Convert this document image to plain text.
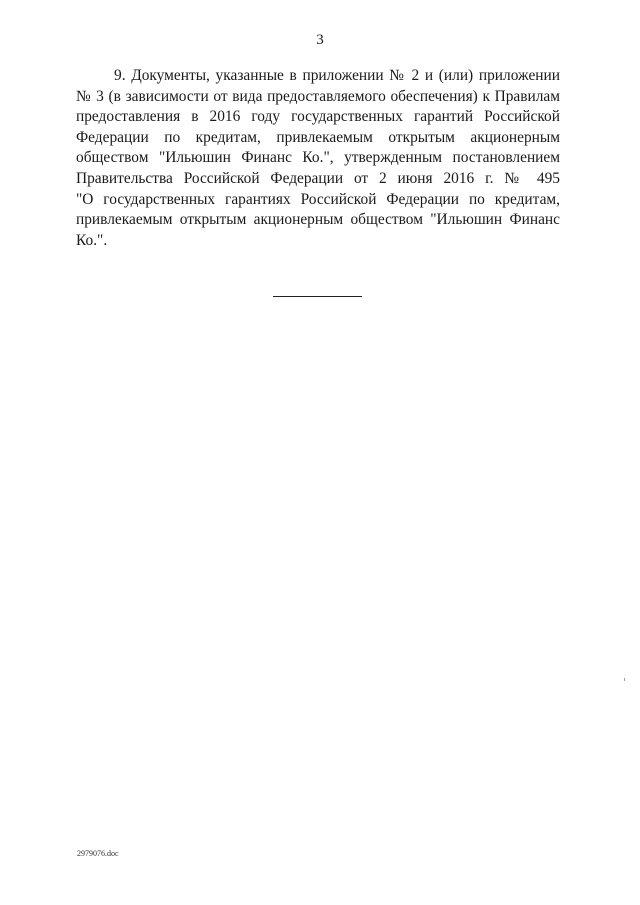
3
9. Документы, указанные в приложении № 2 и (или) приложении
№ 3 (в зависимости от вида предоставляемого обеспечения) к Правилам
предоставления в 2016 году государственных гарантий Российской
Федерации по кредитам, привлекаемым открытым акционерным
обществом "Ильюшин Финанс Ко.", утвержденным постановлением
Правительства Российской Федерации от 2 июня 2016 г. № 495
"О государственных гарантиях Российской Федерации по кредитам,
привлекаемым открытым акционерным обществом "Ильюшин Финанс
Ко.".
2979076.doc
